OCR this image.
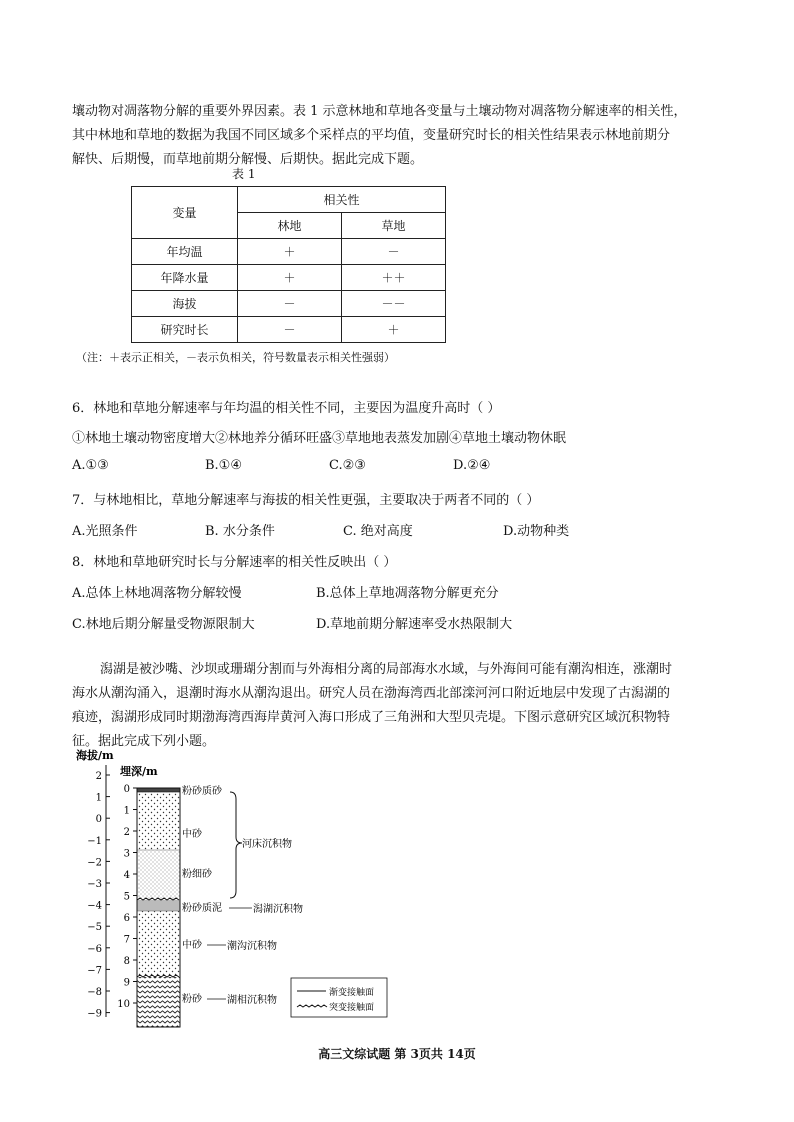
壤动物对凋落物分解的重要外界因素。表 1 示意林地和草地各变量与土壤动物对凋落物分解速率的相关性，
其中林地和草地的数据为我国不同区域多个采样点的平均值，变量研究时长的相关性结果表示林地前期分
解快、后期慢，而草地前期分解慢、后期快。据此完成下题。
表 1
变量	相关性	
	林地	草地
年均温	＋	－
年降水量	＋	＋＋
海拔	－	－－
研究时长	－	＋
（注：＋表示正相关，－表示负相关，符号数量表示相关性强弱）
6．林地和草地分解速率与年均温的相关性不同，主要因为温度升高时（ ）
①林地土壤动物密度增大②林地养分循环旺盛③草地地表蒸发加剧④草地土壤动物休眠
A.①③	B.①④	C.②③	D.②④
7．与林地相比，草地分解速率与海拔的相关性更强，主要取决于两者不同的（ ）
A.光照条件	B. 水分条件	C. 绝对高度	D.动物种类
8．林地和草地研究时长与分解速率的相关性反映出（ ）
A.总体上林地凋落物分解较慢	B.总体上草地凋落物分解更充分
C.林地后期分解量受物源限制大	D.草地前期分解速率受水热限制大
潟湖是被沙嘴、沙坝或珊瑚分割而与外海相分离的局部海水水域，与外海间可能有潮沟相连，涨潮时
海水从潮沟涌入，退潮时海水从潮沟退出。研究人员在渤海湾西北部滦河河口附近地层中发现了古潟湖的
痕迹，潟湖形成同时期渤海湾西海岸黄河入海口形成了三角洲和大型贝壳堤。下图示意研究区域沉积物特
征。据此完成下列小题。
海拔/m
2
1
0
−1
−2
−3
−4
−5
−6
−7
−8
−9
埋深/m
0
1
2
3
4
5
6
7
8
9
10
粉砂质砂
中砂
粉细砂
粉砂质泥
中砂
粉砂
河床沉积物
潟湖沉积物
潮沟沉积物
湖相沉积物
渐变接触面
突变接触面
高三文综试题 第 3页共 14页
